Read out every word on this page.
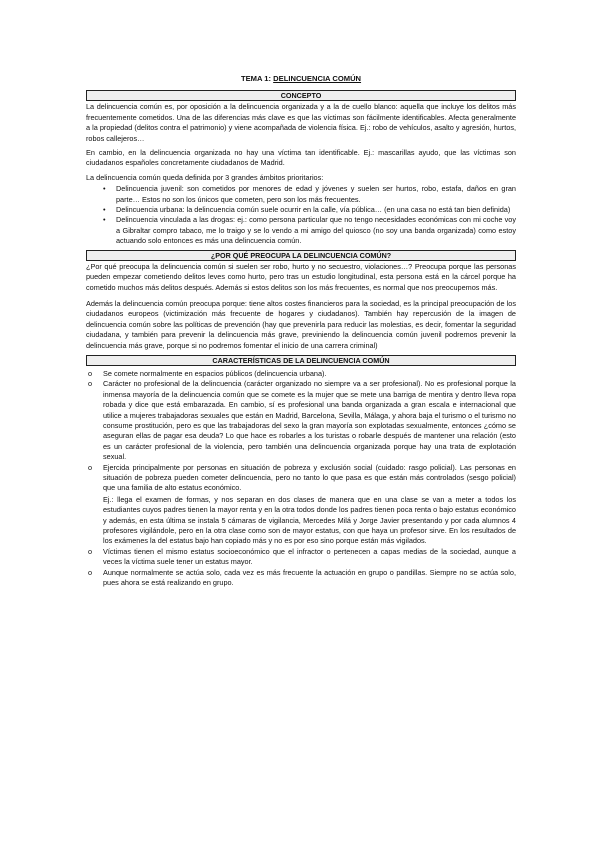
TEMA 1: DELINCUENCIA COMÚN
CONCEPTO

La delincuencia común es, por oposición a la delincuencia organizada y a la de cuello blanco: aquella que incluye los delitos más frecuentemente cometidos. Una de las diferencias más clave es que las víctimas son fácilmente identificables. Afecta generalmente a la propiedad (delitos contra el patrimonio) y viene acompañada de violencia física. Ej.: robo de vehículos, asalto y agresión, hurtos, robos callejeros…

En cambio, en la delincuencia organizada no hay una víctima tan identificable. Ej.: mascarillas ayudo, que las víctimas son ciudadanos españoles concretamente ciudadanos de Madrid.

La delincuencia común queda definida por 3 grandes ámbitos prioritarios:

• Delincuencia juvenil: son cometidos por menores de edad y jóvenes y suelen ser hurtos, robo, estafa, daños en gran parte… Estos no son los únicos que cometen, pero son los más frecuentes.
• Delincuencia urbana: la delincuencia común suele ocurrir en la calle, vía pública… (en una casa no está tan bien definida)
• Delincuencia vinculada a las drogas: ej.: como persona particular que no tengo necesidades económicas con mi coche voy a Gibraltar compro tabaco, me lo traigo y se lo vendo a mi amigo del quiosco (no soy una banda organizada) como estoy actuando solo entonces es más una delincuencia común.
¿POR QUÉ PREOCUPA LA DELINCUENCIA COMÚN?

¿Por qué preocupa la delincuencia común si suelen ser robo, hurto y no secuestro, violaciones…? Preocupa porque las personas pueden empezar cometiendo delitos leves como hurto, pero tras un estudio longitudinal, esta persona está en la cárcel porque ha cometido muchos más delitos después. Además si estos delitos son los más frecuentes, es normal que nos preocupemos más.

Además la delincuencia común preocupa porque: tiene altos costes financieros para la sociedad, es la principal preocupación de los ciudadanos europeos (victimización más frecuente de hogares y ciudadanos). También hay repercusión de la imagen de delincuencia común sobre las políticas de prevención (hay que prevenirla para reducir las molestias, es decir, fomentar la seguridad ciudadana, y también para prevenir la delincuencia más grave, previniendo la delincuencia común juvenil podremos prevenir la delincuencia más grave, porque si no podremos fomentar el inicio de una carrera criminal)

CARACTERÍSTICAS DE LA DELINCUENCIA COMÚN
o Se comete normalmente en espacios públicos (delincuencia urbana).
o Carácter no profesional de la delincuencia (carácter organizado no siempre va a ser profesional). No es profesional porque la inmensa mayoría de la delincuencia común que se comete es la mujer que se mete una barriga de mentira y dentro lleva ropa robada y dice que está embarazada. En cambio, sí es profesional una banda organizada a gran escala e internacional que utilice a mujeres trabajadoras sexuales que están en Madrid, Barcelona, Sevilla, Málaga, y ahora baja el turismo o el turismo no consume prostitución, pero es que las trabajadoras del sexo la gran mayoría son explotadas sexualmente, entonces ¿cómo se aseguran ellas de pagar esa deuda? Lo que hace es robarles a los turistas o robarle después de mantener una relación (esto es un carácter profesional de la violencia, pero también una delincuencia organizada porque hay una trata de explotación sexual.
o Ejercida principalmente por personas en situación de pobreza y exclusión social (cuidado: rasgo policial). Las personas en situación de pobreza pueden cometer delincuencia, pero no tanto lo que pasa es que están más controlados (sesgo policial) que una familia de alto estatus económico.
Ej.: llega el examen de formas, y nos separan en dos clases de manera que en una clase se van a meter a todos los estudiantes cuyos padres tienen la mayor renta y en la otra todos donde los padres tienen poca renta o bajo estatus económico y además, en esta última se instala 5 cámaras de vigilancia, Mercedes Milá y Jorge Javier presentando y por cada alumnos 4 profesores vigilándole, pero en la otra clase como son de mayor estatus, con que haya un profesor sirve. En los resultados de los exámenes la del estatus bajo han copiado más y no es por eso sino porque están más vigilados.
o Víctimas tienen el mismo estatus socioeconómico que el infractor o pertenecen a capas medias de la sociedad, aunque a veces la víctima suele tener un estatus mayor.
o Aunque normalmente se actúa solo, cada vez es más frecuente la actuación en grupo o pandillas. Siempre no se actúa solo, pues ahora se está realizando en grupo.
